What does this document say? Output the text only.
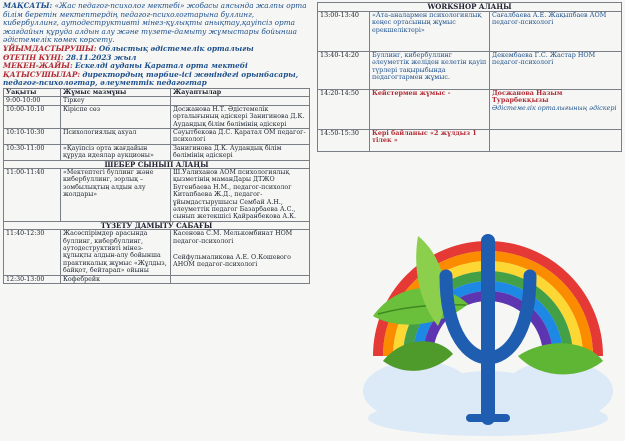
МАҚСАТЫ: «Жас педагог-психолог мектебі» жобасы аясында жалпы орта білім беретін мектептердің педагог-психологтарына буллинг, кибербуллинг, аутодеструктивті мінез-құлықты анықтау,қауіпсіз орта жағдайын құруда алдын алу және түзете-дамыту жұмыстары бойынша әдістемелік көмек көрсету.

ҰЙЫМДАСТЫРУШЫ: Облыстық әдістемелік орталығы

ӨТЕТІН КҮНІ: 28.11.2023 жыл

МЕКЕН-ЖАЙЫ: Ескелді ауданы Қаратал орта мектебі

ҚАТЫСУШЫЛАР: директордың тәрбие-ісі жөніндегі орынбасары, педагог-психологтар, әлеуметтік педагогтар

Уақыты	Жұмыс мазмұны	Жауаптылар
9:00-10:00	Тіркеу	
10:00-10:10	Кіріспе сөз	Досжанова Н.Т. Әдістемелік орталығының әдіскері Занигинова Д.К. Аудандық білім бөлімінің әдіскері
10:10-10:30	Психологиялық ахуал	Сәуытбекова Д.С. Қаратал ОМ педагог-психологі
10:30-11:00	«Қауіпсіз орта жағдайын құруда идеялар аукционы»	Занигинова Д.К. Аудандық білім бөлімінің әдіскері
ШЕБЕР СЫНЫП АЛАҢЫ		
11:00-11:40	«Мектептегі буллинг және кибербуллинг, зорлық – зомбылықтың алдын алу жолдары»	Ш.Уалиханов АОМ психологиялық қызметінің маманДары ДТЖО Бугенбаева Н.М., педагог-психолог Китапбаева Ж.Д., педагог-ұйымдастырушысы Сембай А.Н., әлеуметтік педагог Базарбаева А.С., сынып жетекшісі Қайранбекова А.К.
ТҮЗЕТУ ДАМЫТУ САБАҒЫ		
11:40-12:30	Жасөспірімдер арасында буллинг, кибербуллинг, аутодеструктивті мінез-құлықты алдын-алу бойынша практикалық жұмыс «Жұлдыз, байқот, бейтарап» ойыны	Касенова С.М. Мелькомбинат НОМ педагог-психологі
Сейфульмаликова А.Е. О.Кошевого АНОМ педагог-психологі

12:30-13:00	Кофебрейк	
WORKSHOP АЛАҢЫ		
13:00-13:40	«Ата-аналармен психологиялық кеңес ортасының жұмыс ерекшеліктері»	Сағалбаева А.Е. Жақыпбаев АОМ педагог-психологі
13:40-14:20	Буллинг, кибербуллинг әлеуметтік желіден келетін қауіп түрлері тақырыбында педагогтармен жұмыс.	Декембаева Г.С. Жастар НОМ педагог-психологі
14:20-14:50	Кейстермен жұмыс -	Досжанова Назым Турарбекқызы
Әдістемелік орталығының әдіскері

14:50-15:30	Кері байланыс «2 жұлдыз 1 тілек »	
